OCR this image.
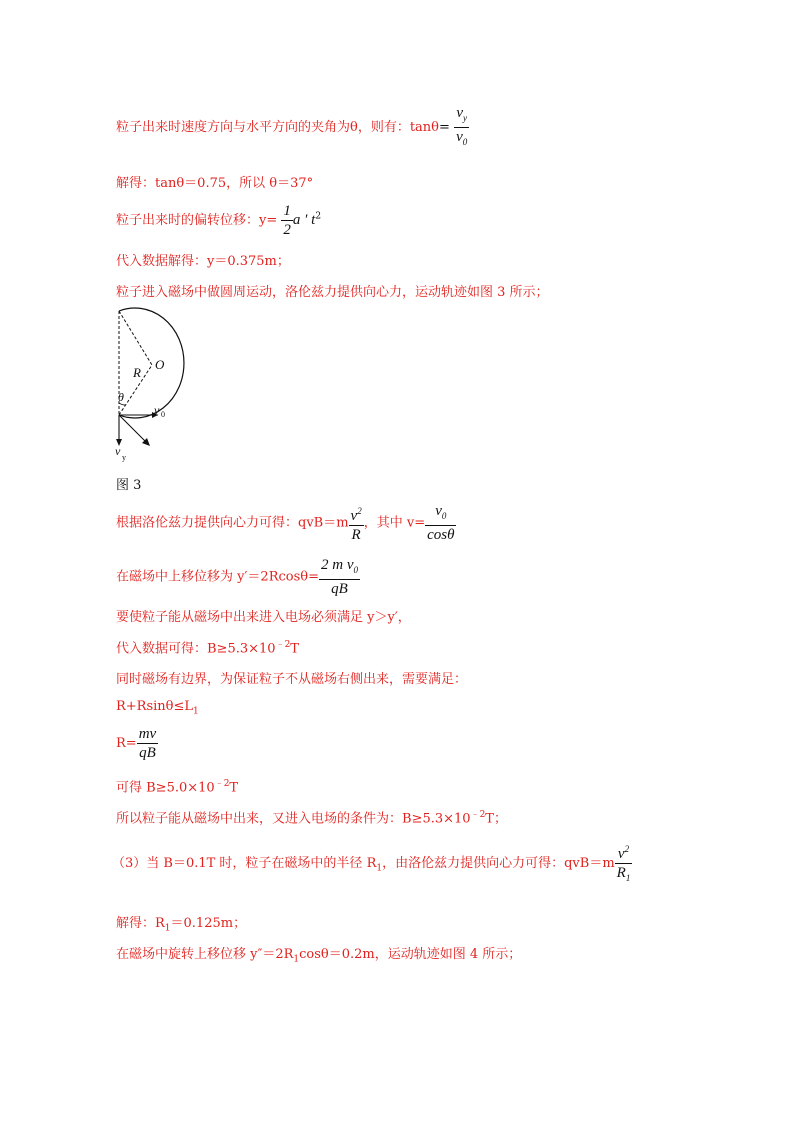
粒子出来时速度方向与水平方向的夹角为θ，则有：$\tan\theta= \frac{v_y}{v_0}$
解得：tanθ＝0.75，所以 θ＝37°
粒子出来时的偏转位移：$y= \frac{1}{2}$ a ′ $t^2$
代入数据解得：y＝0.375m；
粒子进入磁场中做圆周运动，洛伦兹力提供向心力，运动轨迹如图 3 所示；
O
R
θ
v 0
v y
图 3
根据洛伦兹力提供向心力可得：$qvB=m \frac{v^2}{R}$ ，其中 $v= \frac{v_0}{\cos\theta}$
在磁场中上移位移为 $y'=2Rcos\theta= \frac{2 m v_0}{qB}$
要使粒子能从磁场中出来进入电场必须满足 y＞y′，
代入数据可得：$B\ge 5.3\times 10^{﹣2}T$
同时磁场有边界，为保证粒子不从磁场右侧出来，需要满足：
$R+Rsin\theta\le L_1$
$R= \frac{mv}{qB}$
可得 $B\ge 5.0\times 10^{﹣2}T$
所以粒子能从磁场中出来，又进入电场的条件为：$B\ge 5.3\times 10^{﹣2}T$；
（3）当 B＝0.1T 时，粒子在磁场中的半径 $R_1$，由洛伦兹力提供向心力可得：$qvB=m \frac{v^2}{R_1}$
解得：$R_1=0.125m$；
在磁场中旋转上移位移 $y''=2R_1\cos\theta=0.2m$，运动轨迹如图 4 所示；
